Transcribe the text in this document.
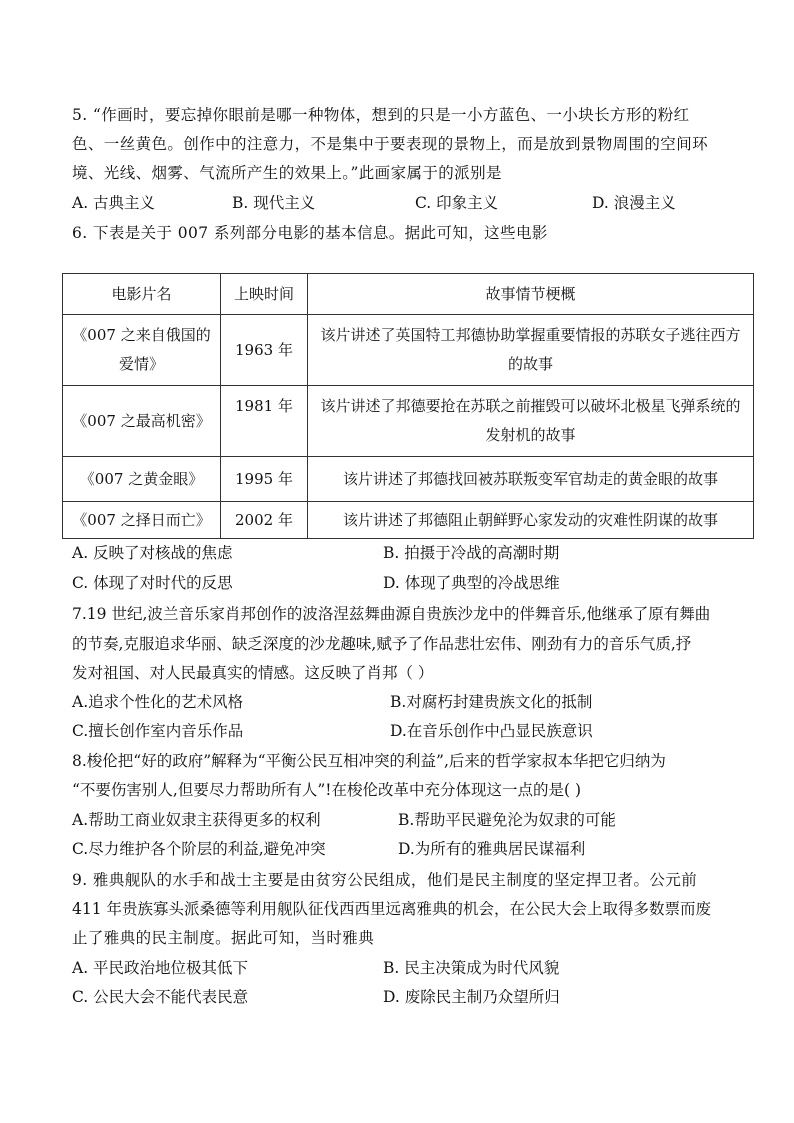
5. “作画时，要忘掉你眼前是哪一种物体，想到的只是一小方蓝色、一小块长方形的粉红
色、一丝黄色。创作中的注意力，不是集中于要表现的景物上，而是放到景物周围的空间环
境、光线、烟雾、气流所产生的效果上。”此画家属于的派别是
A. 古典主义	B. 现代主义	C. 印象主义	D. 浪漫主义
6. 下表是关于 007 系列部分电影的基本信息。据此可知，这些电影
电影片名	上映时间	故事情节梗概
《007 之来自俄国的爱情》	1963 年	该片讲述了英国特工邦德协助掌握重要情报的苏联女子逃往西方的故事
《007 之最高机密》	1981 年	该片讲述了邦德要抢在苏联之前摧毁可以破坏北极星飞弹系统的发射机的故事
《007 之黄金眼》	1995 年	该片讲述了邦德找回被苏联叛变军官劫走的黄金眼的故事
《007 之择日而亡》	2002 年	该片讲述了邦德阻止朝鲜野心家发动的灾难性阴谋的故事
A. 反映了对核战的焦虑	B. 拍摄于冷战的高潮时期
C. 体现了对时代的反思	D. 体现了典型的冷战思维
7.19 世纪,波兰音乐家肖邦创作的波洛涅兹舞曲源自贵族沙龙中的伴舞音乐,他继承了原有舞曲
的节奏,克服追求华丽、缺乏深度的沙龙趣味,赋予了作品悲壮宏伟、刚劲有力的音乐气质,抒
发对祖国、对人民最真实的情感。这反映了肖邦（ ）
A.追求个性化的艺术风格	B.对腐朽封建贵族文化的抵制
C.擅长创作室内音乐作品	D.在音乐创作中凸显民族意识
8.梭伦把“好的政府”解释为“平衡公民互相冲突的利益”,后来的哲学家叔本华把它归纳为
“不要伤害别人,但要尽力帮助所有人”!在梭伦改革中充分体现这一点的是( )
A.帮助工商业奴隶主获得更多的权利	B.帮助平民避免沦为奴隶的可能
C.尽力维护各个阶层的利益,避免冲突	D.为所有的雅典居民谋福利
9. 雅典舰队的水手和战士主要是由贫穷公民组成，他们是民主制度的坚定捍卫者。公元前
411 年贵族寡头派桑德等利用舰队征伐西西里远离雅典的机会，在公民大会上取得多数票而废
止了雅典的民主制度。据此可知，当时雅典
A. 平民政治地位极其低下	B. 民主决策成为时代风貌
C. 公民大会不能代表民意	D. 废除民主制乃众望所归
